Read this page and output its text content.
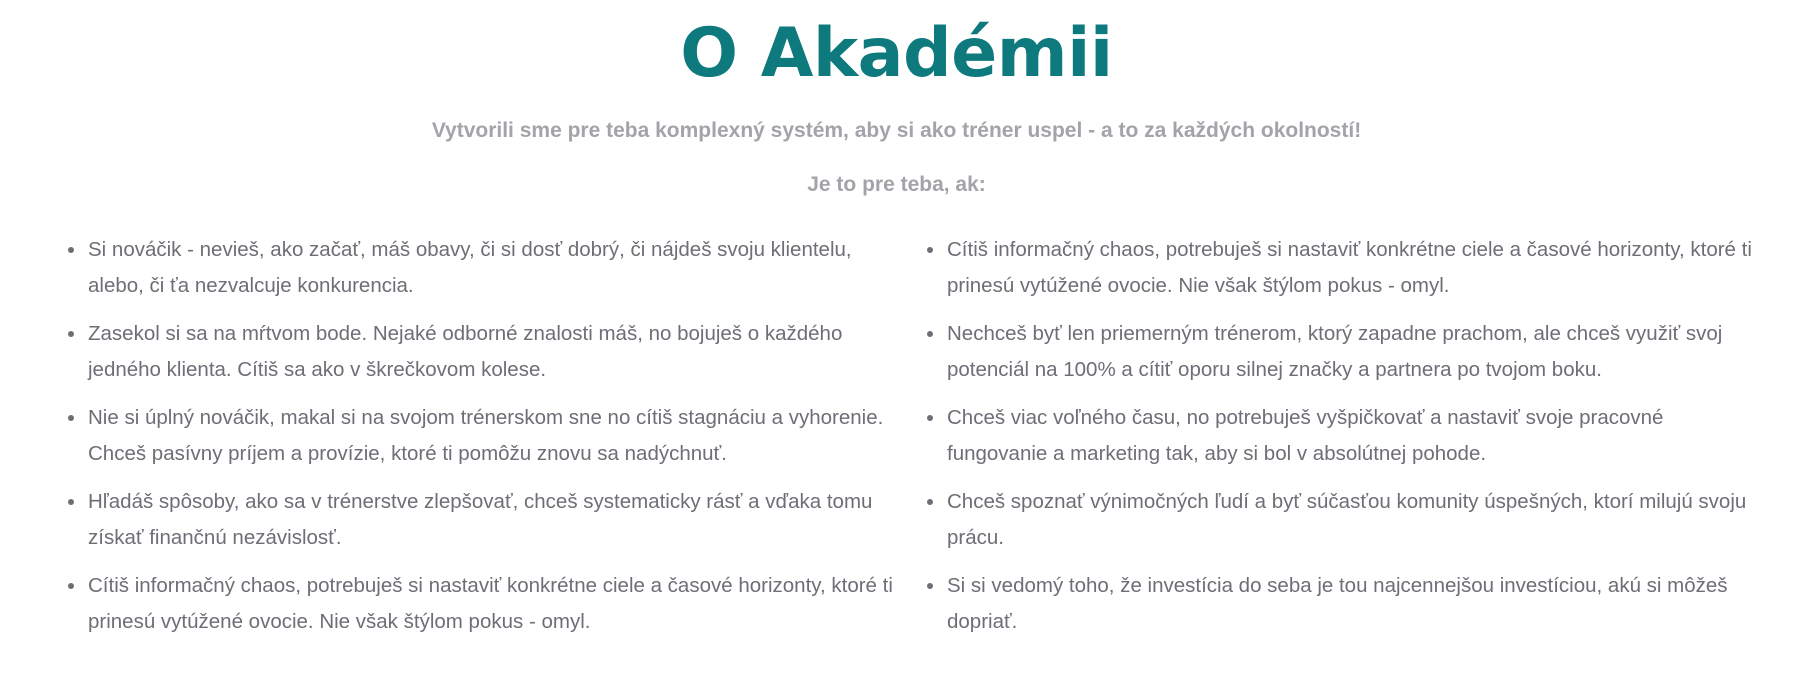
O Akadémii

Vytvorili sme pre teba komplexný systém, aby si ako tréner uspel - a to za každých okolností!

Je to pre teba, ak:

Si nováčik - nevieš, ako začať, máš obavy, či si dosť dobrý, či nájdeš svoju klientelu, alebo, či ťa nezvalcuje konkurencia.
Zasekol si sa na mŕtvom bode. Nejaké odborné znalosti máš, no bojuješ o každého jedného klienta. Cítiš sa ako v škrečkovom kolese.
Nie si úplný nováčik, makal si na svojom trénerskom sne no cítiš stagnáciu a vyhorenie. Chceš pasívny príjem a provízie, ktoré ti pomôžu znovu sa nadýchnuť.
Hľadáš spôsoby, ako sa v trénerstve zlepšovať, chceš systematicky rásť a vďaka tomu získať finančnú nezávislosť.
Cítiš informačný chaos, potrebuješ si nastaviť konkrétne ciele a časové horizonty, ktoré ti prinesú vytúžené ovocie. Nie však štýlom pokus - omyl.
Cítiš informačný chaos, potrebuješ si nastaviť konkrétne ciele a časové horizonty, ktoré ti prinesú vytúžené ovocie. Nie však štýlom pokus - omyl.
Nechceš byť len priemerným trénerom, ktorý zapadne prachom, ale chceš využiť svoj potenciál na 100% a cítiť oporu silnej značky a partnera po tvojom boku.
Chceš viac voľného času, no potrebuješ vyšpičkovať a nastaviť svoje pracovné fungovanie a marketing tak, aby si bol v absolútnej pohode.
Chceš spoznať výnimočných ľudí a byť súčasťou komunity úspešných, ktorí milujú svoju prácu.
Si si vedomý toho, že investícia do seba je tou najcennejšou investíciou, akú si môžeš dopriať.
